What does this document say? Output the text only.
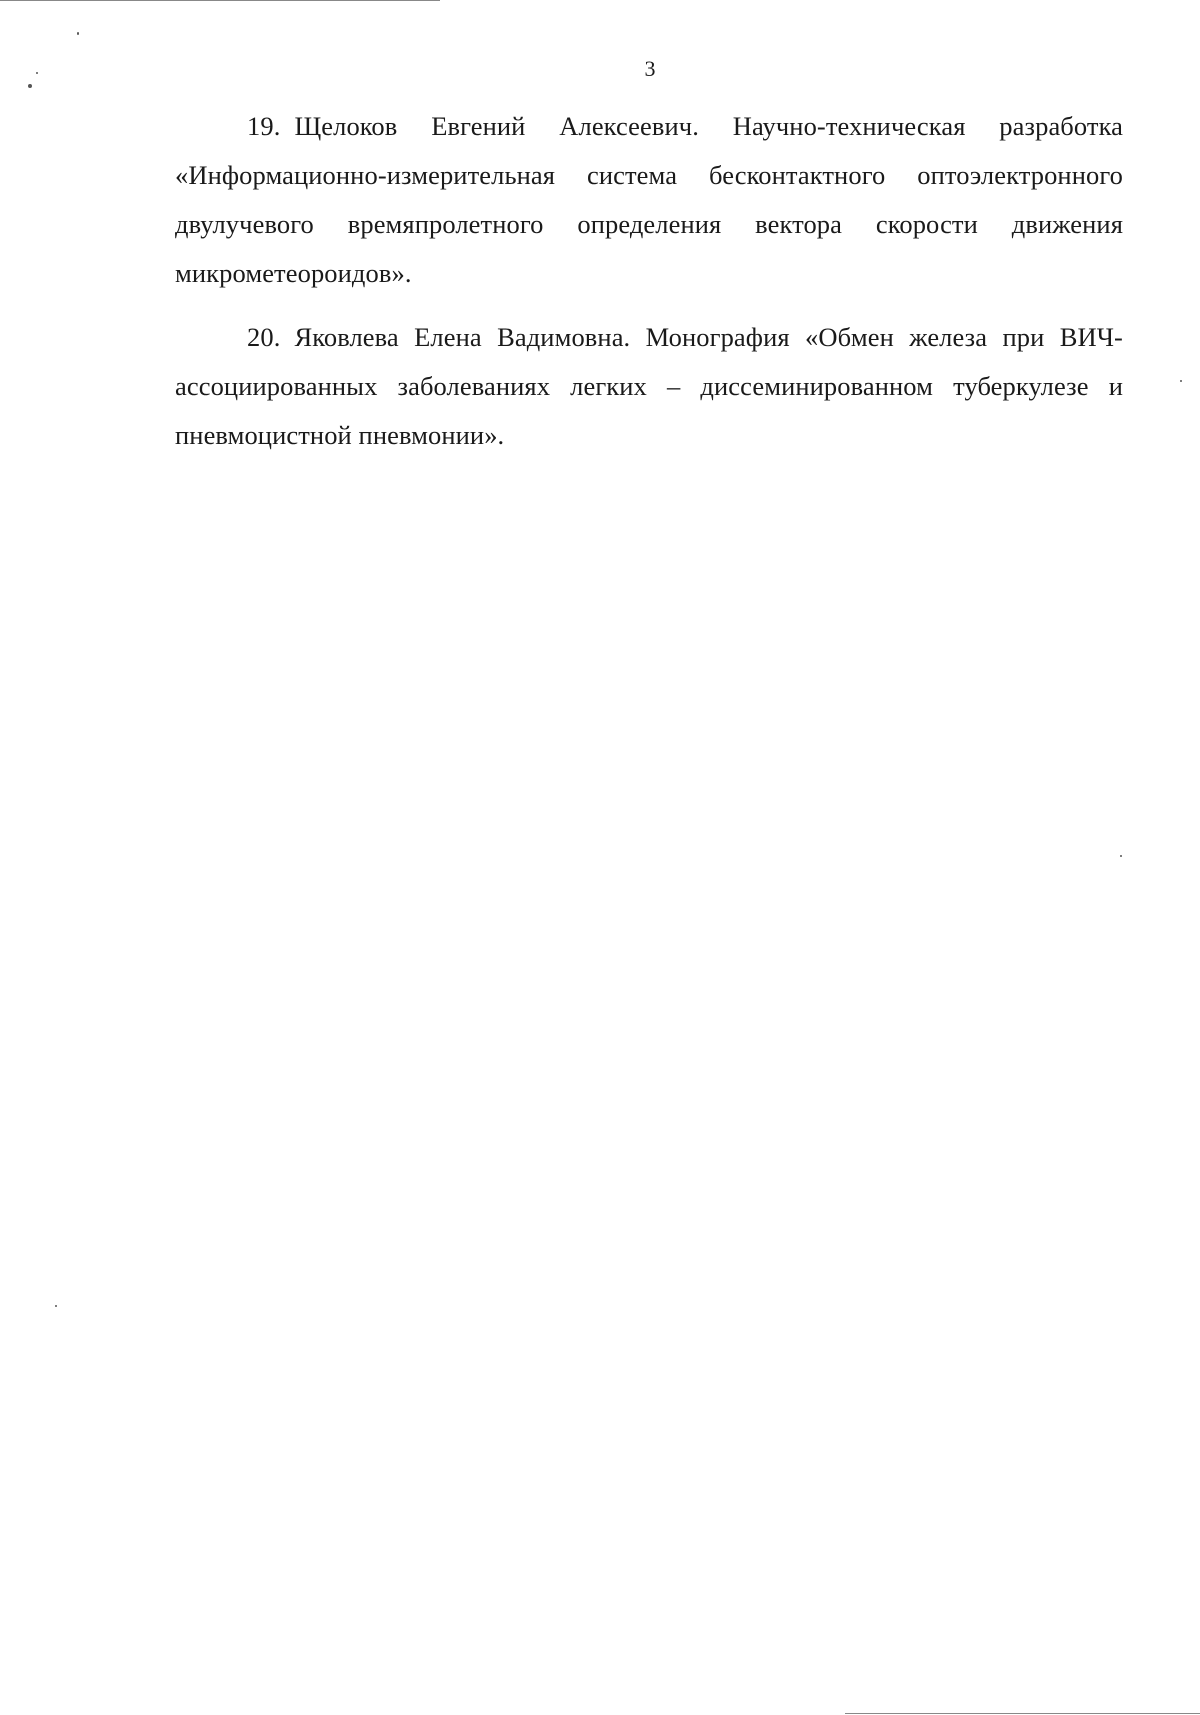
3

19. Щелоков Евгений Алексеевич. Научно-техническая разработка «Информационно-измерительная система бесконтактного оптоэлектронного двулучевого времяпролетного определения вектора скорости движения микрометеороидов».

20. Яковлева Елена Вадимовна. Монография «Обмен железа при ВИЧ-ассоциированных заболеваниях легких – диссеминированном туберкулезе и пневмоцистной пневмонии».
